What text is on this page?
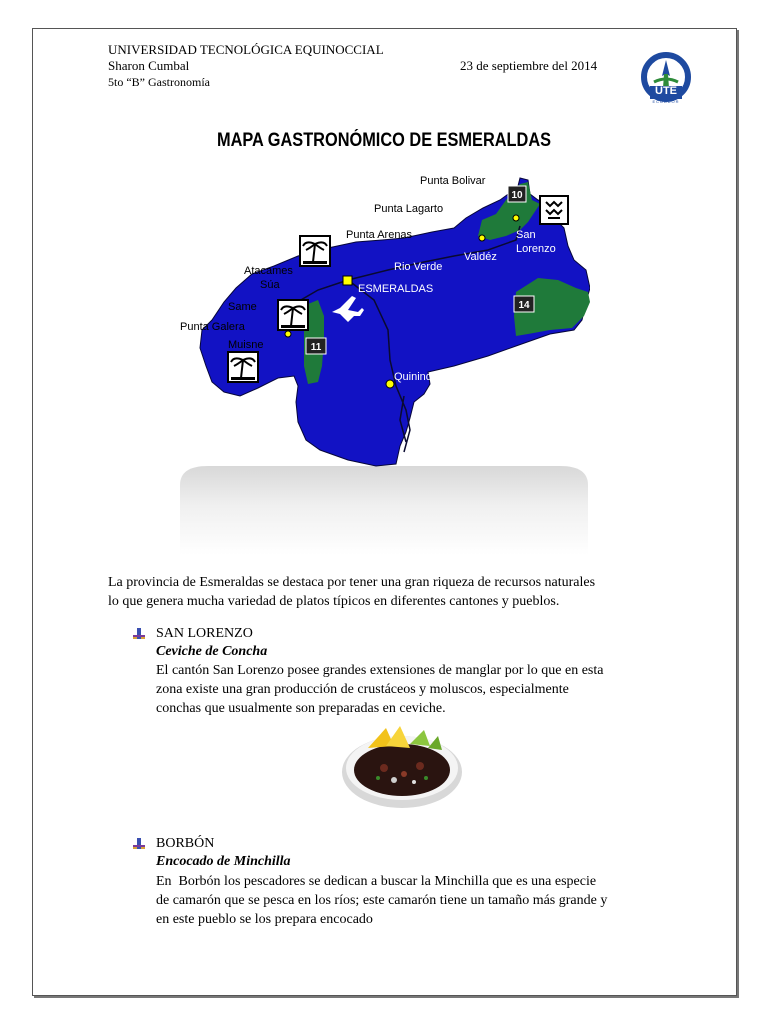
UNIVERSIDAD TECNOLÓGICA EQUINOCCIAL
Sharon Cumbal
5to “B” Gastronomía
23 de septiembre del 2014
UTE
ECUADOR
MAPA GASTRONÓMICO DE ESMERALDAS
10
14
11
Punta Bolivar
Punta Lagarto
Punta Arenas
Atacames
Súa
Same
Punta Galera
Muisne
Rio Verde
Valdéz
San
Lorenzo
ESMERALDAS
Quinindé
La provincia de Esmeraldas se destaca por tener una gran riqueza de recursos naturales
lo que genera mucha variedad de platos típicos en diferentes cantones y pueblos.
SAN LORENZO
Ceviche de Concha
El cantón San Lorenzo posee grandes extensiones de manglar por lo que en esta
zona existe una gran producción de crustáceos y moluscos, especialmente
conchas que usualmente son preparadas en ceviche.
BORBÓN
Encocado de Minchilla
En  Borbón los pescadores se dedican a buscar la Minchilla que es una especie
de camarón que se pesca en los ríos; este camarón tiene un tamaño más grande y
en este pueblo se los prepara encocado
